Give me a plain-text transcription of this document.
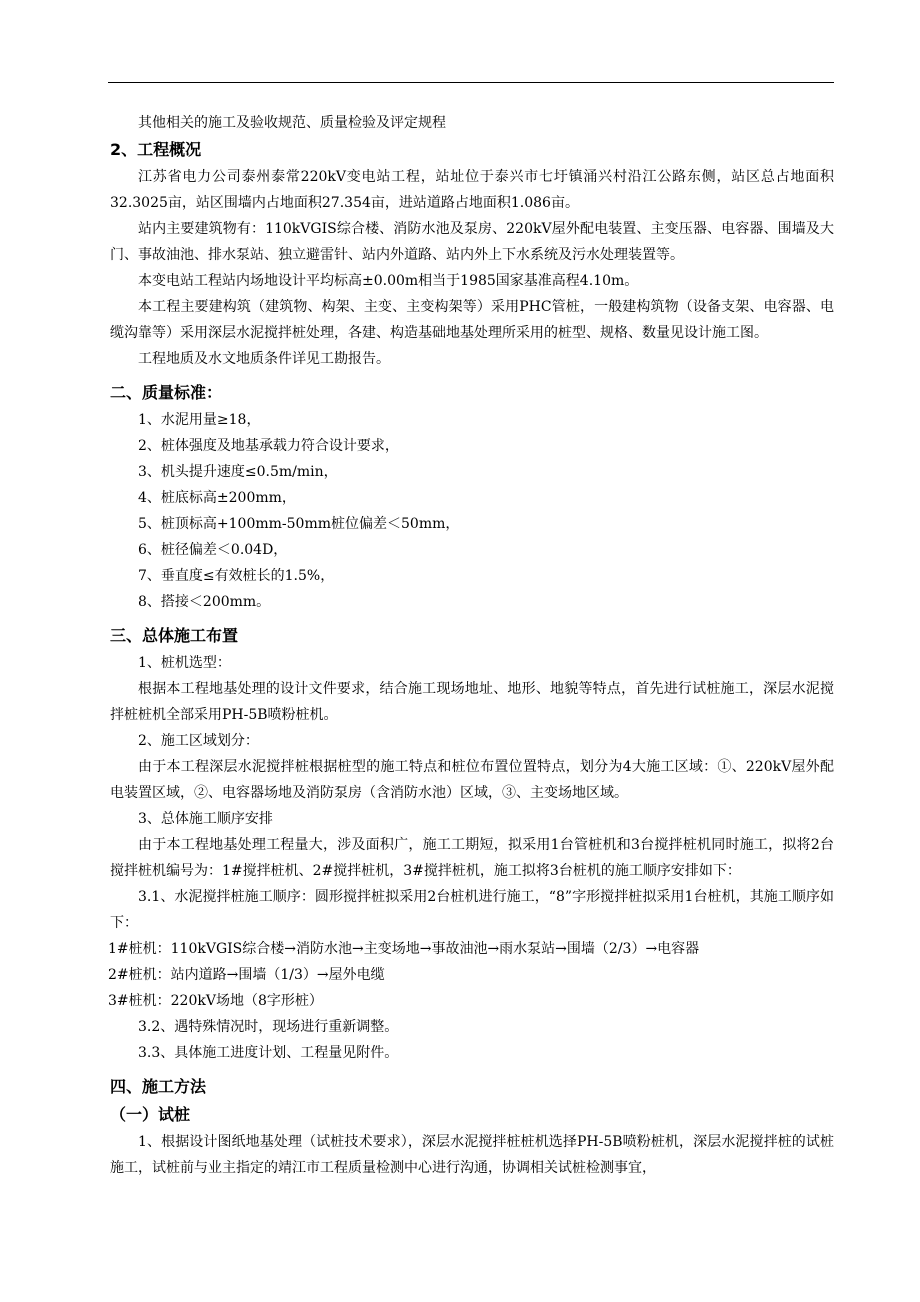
其他相关的施工及验收规范、质量检验及评定规程

2、工程概况

江苏省电力公司泰州泰常220kV变电站工程，站址位于泰兴市七圩镇涌兴村沿江公路东侧，站区总占地面积32.3025亩，站区围墙内占地面积27.354亩，进站道路占地面积1.086亩。

站内主要建筑物有：110kVGIS综合楼、消防水池及泵房、220kV屋外配电装置、主变压器、电容器、围墙及大门、事故油池、排水泵站、独立避雷针、站内外道路、站内外上下水系统及污水处理装置等。

本变电站工程站内场地设计平均标高±0.00m相当于1985国家基准高程4.10m。

本工程主要建构筑（建筑物、构架、主变、主变构架等）采用PHC管桩，一般建构筑物（设备支架、电容器、电缆沟靠等）采用深层水泥搅拌桩处理，各建、构造基础地基处理所采用的桩型、规格、数量见设计施工图。

工程地质及水文地质条件详见工勘报告。

二、质量标准：

1、水泥用量≥18，

2、桩体强度及地基承载力符合设计要求，

3、机头提升速度≤0.5m/min，

4、桩底标高±200mm，

5、桩顶标高+100mm-50mm桩位偏差＜50mm，

6、桩径偏差＜0.04D，

7、垂直度≤有效桩长的1.5%，

8、搭接＜200mm。

三、总体施工布置

1、桩机选型：

根据本工程地基处理的设计文件要求，结合施工现场地址、地形、地貌等特点，首先进行试桩施工，深层水泥搅拌桩桩机全部采用PH-5B喷粉桩机。

2、施工区域划分：

由于本工程深层水泥搅拌桩根据桩型的施工特点和桩位布置位置特点，划分为4大施工区域：①、220kV屋外配电装置区域，②、电容器场地及消防泵房（含消防水池）区域，③、主变场地区域。

3、总体施工顺序安排

由于本工程地基处理工程量大，涉及面积广，施工工期短，拟采用1台管桩机和3台搅拌桩机同时施工，拟将2台搅拌桩机编号为：1#搅拌桩机、2#搅拌桩机，3#搅拌桩机，施工拟将3台桩机的施工顺序安排如下：

3.1、水泥搅拌桩施工顺序：圆形搅拌桩拟采用2台桩机进行施工，“8”字形搅拌桩拟采用1台桩机，其施工顺序如下：

1#桩机：110kVGIS综合楼→消防水池→主变场地→事故油池→雨水泵站→围墙（2/3）→电容器

2#桩机：站内道路→围墙（1/3）→屋外电缆

3#桩机：220kV场地（8字形桩）

3.2、遇特殊情况时，现场进行重新调整。

3.3、具体施工进度计划、工程量见附件。

四、施工方法

（一）试桩

1、根据设计图纸地基处理（试桩技术要求），深层水泥搅拌桩桩机选择PH-5B喷粉桩机，深层水泥搅拌桩的试桩施工，试桩前与业主指定的靖江市工程质量检测中心进行沟通，协调相关试桩检测事宜，
